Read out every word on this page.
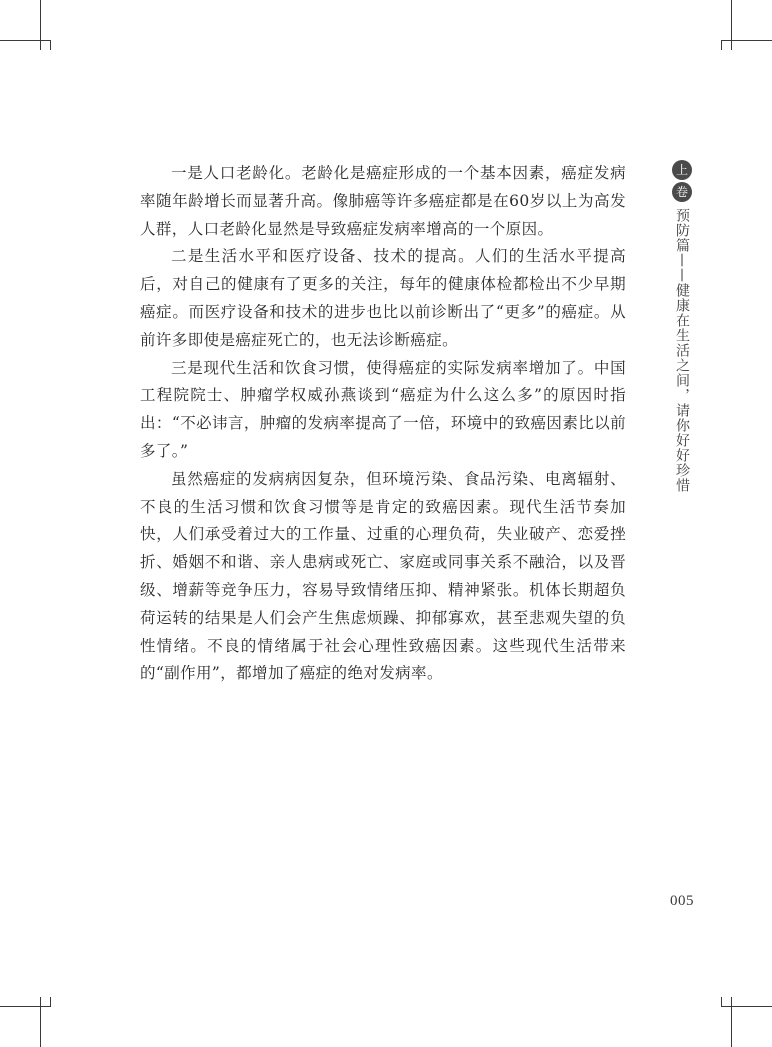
一是人口老龄化。老龄化是癌症形成的一个基本因素，癌症发病率随年龄增长而显著升高。像肺癌等许多癌症都是在60岁以上为高发人群，人口老龄化显然是导致癌症发病率增高的一个原因。

二是生活水平和医疗设备、技术的提高。人们的生活水平提高后，对自己的健康有了更多的关注，每年的健康体检都检出不少早期癌症。而医疗设备和技术的进步也比以前诊断出了“更多”的癌症。从前许多即使是癌症死亡的，也无法诊断癌症。

三是现代生活和饮食习惯，使得癌症的实际发病率增加了。中国工程院院士、肿瘤学权威孙燕谈到“癌症为什么这么多”的原因时指出：“不必讳言，肿瘤的发病率提高了一倍，环境中的致癌因素比以前多了。”

虽然癌症的发病病因复杂，但环境污染、食品污染、电离辐射、不良的生活习惯和饮食习惯等是肯定的致癌因素。现代生活节奏加快，人们承受着过大的工作量、过重的心理负荷，失业破产、恋爱挫折、婚姻不和谐、亲人患病或死亡、家庭或同事关系不融洽，以及晋级、增薪等竞争压力，容易导致情绪压抑、精神紧张。机体长期超负荷运转的结果是人们会产生焦虑烦躁、抑郁寡欢，甚至悲观失望的负性情绪。不良的情绪属于社会心理性致癌因素。这些现代生活带来的“副作用”，都增加了癌症的绝对发病率。

上
卷
预防篇——健康在生活之间，请你好好珍惜
005
